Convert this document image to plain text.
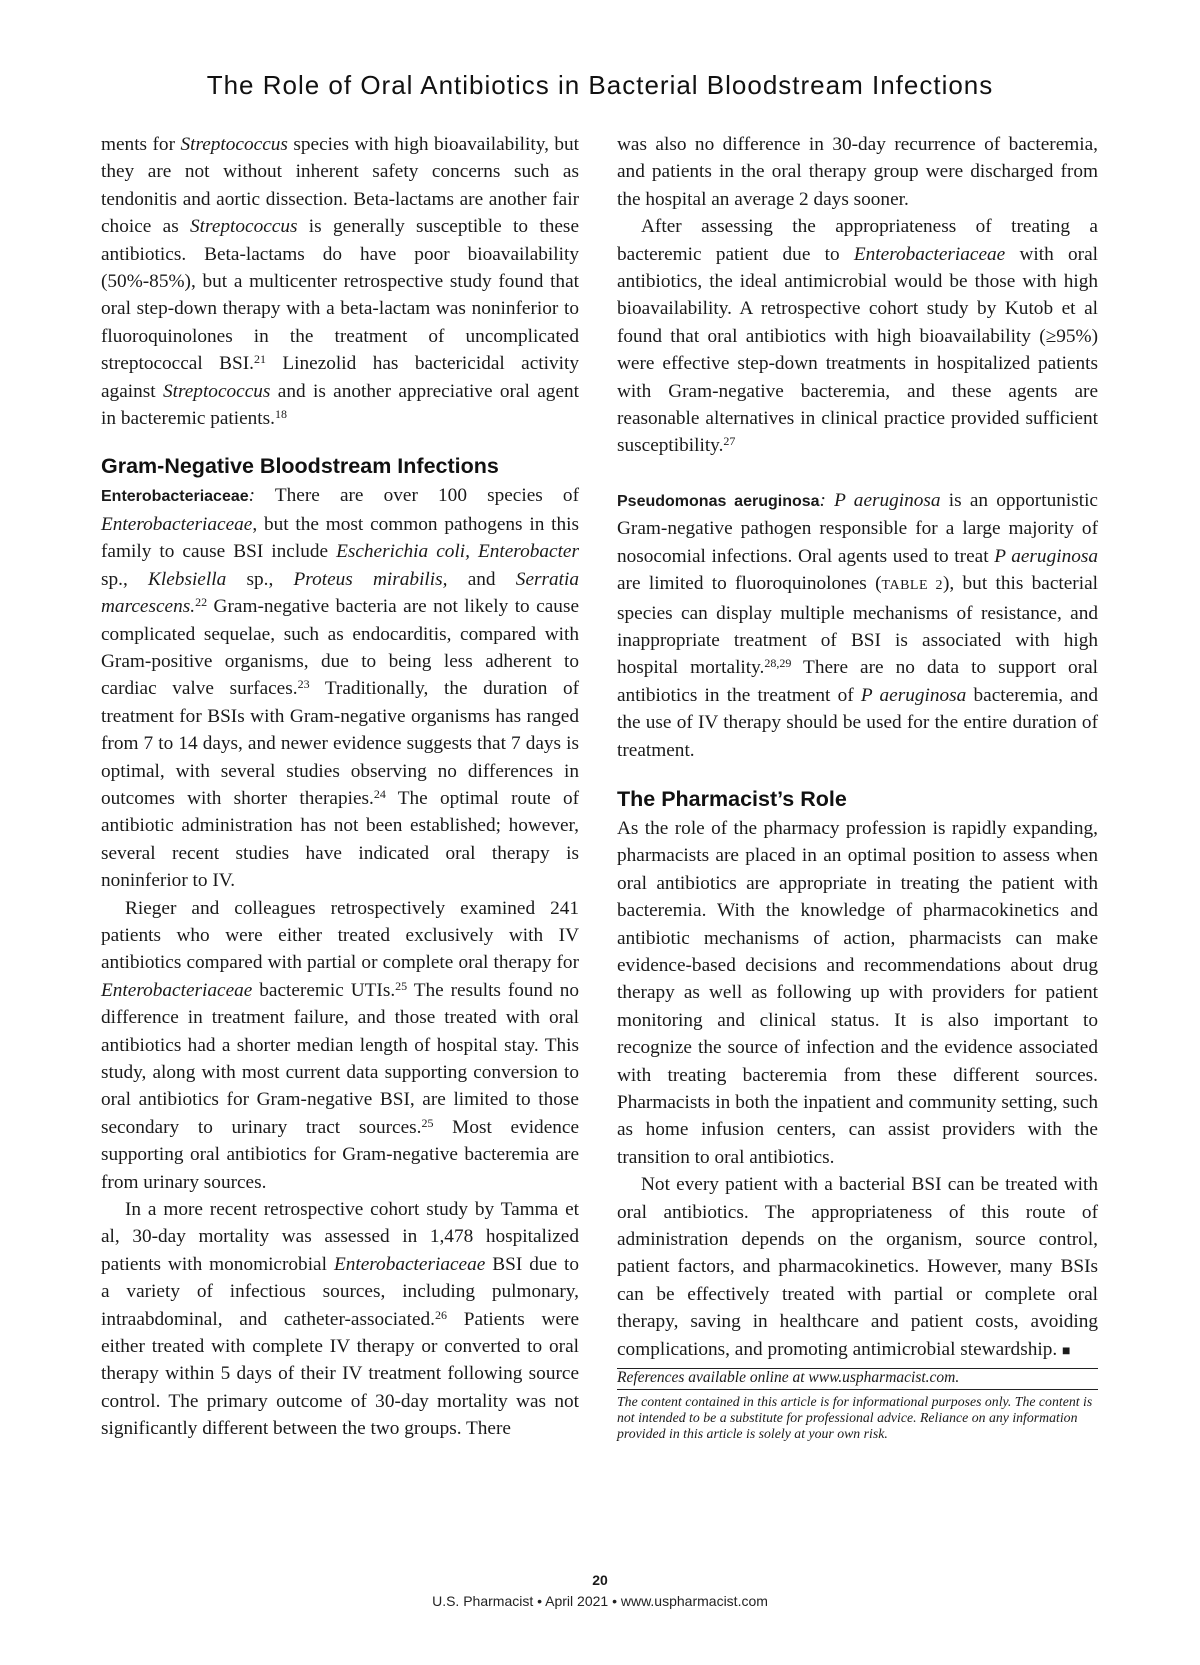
The Role of Oral Antibiotics in Bacterial Bloodstream Infections

ments for Streptococcus species with high bioavailability, but they are not without inherent safety concerns such as tendonitis and aortic dissection. Beta-lactams are another fair choice as Streptococcus is generally susceptible to these antibiotics. Beta-lactams do have poor bioavailability (50%-85%), but a multicenter retrospective study found that oral step-down therapy with a beta-lactam was noninferior to fluoroquinolones in the treatment of uncomplicated streptococcal BSI.$^{21}$ Linezolid has bactericidal activity against Streptococcus and is another appreciative oral agent in bacteremic patients.$^{18}$

Gram-Negative Bloodstream Infections

Enterobacteriaceae: There are over 100 species of Enterobacteriaceae, but the most common pathogens in this family to cause BSI include Escherichia coli, Enterobacter sp., Klebsiella sp., Proteus mirabilis, and Serratia marcescens.$^{22}$ Gram-negative bacteria are not likely to cause complicated sequelae, such as endocarditis, compared with Gram-positive organisms, due to being less adherent to cardiac valve surfaces.$^{23}$ Traditionally, the duration of treatment for BSIs with Gram-negative organisms has ranged from 7 to 14 days, and newer evidence suggests that 7 days is optimal, with several studies observing no differences in outcomes with shorter therapies.$^{24}$ The optimal route of antibiotic administration has not been established; however, several recent studies have indicated oral therapy is noninferior to IV.

Rieger and colleagues retrospectively examined 241 patients who were either treated exclusively with IV antibiotics compared with partial or complete oral therapy for Enterobacteriaceae bacteremic UTIs.$^{25}$ The results found no difference in treatment failure, and those treated with oral antibiotics had a shorter median length of hospital stay. This study, along with most current data supporting conversion to oral antibiotics for Gram-negative BSI, are limited to those secondary to urinary tract sources.$^{25}$ Most evidence supporting oral antibiotics for Gram-negative bacteremia are from urinary sources.

In a more recent retrospective cohort study by Tamma et al, 30-day mortality was assessed in 1,478 hospitalized patients with monomicrobial Enterobacteriaceae BSI due to a variety of infectious sources, including pulmonary, intraabdominal, and catheter-associated.$^{26}$ Patients were either treated with complete IV therapy or converted to oral therapy within 5 days of their IV treatment following source control. The primary outcome of 30-day mortality was not significantly different between the two groups. There

was also no difference in 30-day recurrence of bacteremia, and patients in the oral therapy group were discharged from the hospital an average 2 days sooner.

After assessing the appropriateness of treating a bacteremic patient due to Enterobacteriaceae with oral antibiotics, the ideal antimicrobial would be those with high bioavailability. A retrospective cohort study by Kutob et al found that oral antibiotics with high bioavailability (≥95%) were effective step-down treatments in hospitalized patients with Gram-negative bacteremia, and these agents are reasonable alternatives in clinical practice provided sufficient susceptibility.$^{27}$

Pseudomonas aeruginosa: P aeruginosa is an opportunistic Gram-negative pathogen responsible for a large majority of nosocomial infections. Oral agents used to treat P aeruginosa are limited to fluoroquinolones (TABLE 2), but this bacterial species can display multiple mechanisms of resistance, and inappropriate treatment of BSI is associated with high hospital mortality.$^{28,29}$ There are no data to support oral antibiotics in the treatment of P aeruginosa bacteremia, and the use of IV therapy should be used for the entire duration of treatment.

The Pharmacist’s Role

As the role of the pharmacy profession is rapidly expanding, pharmacists are placed in an optimal position to assess when oral antibiotics are appropriate in treating the patient with bacteremia. With the knowledge of pharmacokinetics and antibiotic mechanisms of action, pharmacists can make evidence-based decisions and recommendations about drug therapy as well as following up with providers for patient monitoring and clinical status. It is also important to recognize the source of infection and the evidence associated with treating bacteremia from these different sources. Pharmacists in both the inpatient and community setting, such as home infusion centers, can assist providers with the transition to oral antibiotics.

Not every patient with a bacterial BSI can be treated with oral antibiotics. The appropriateness of this route of administration depends on the organism, source control, patient factors, and pharmacokinetics. However, many BSIs can be effectively treated with partial or complete oral therapy, saving in healthcare and patient costs, avoiding complications, and promoting antimicrobial stewardship. ■

References available online at www.uspharmacist.com.

The content contained in this article is for informational purposes only. The content is not intended to be a substitute for professional advice. Reliance on any information provided in this article is solely at your own risk.

20
U.S. Pharmacist • April 2021 • www.uspharmacist.com
